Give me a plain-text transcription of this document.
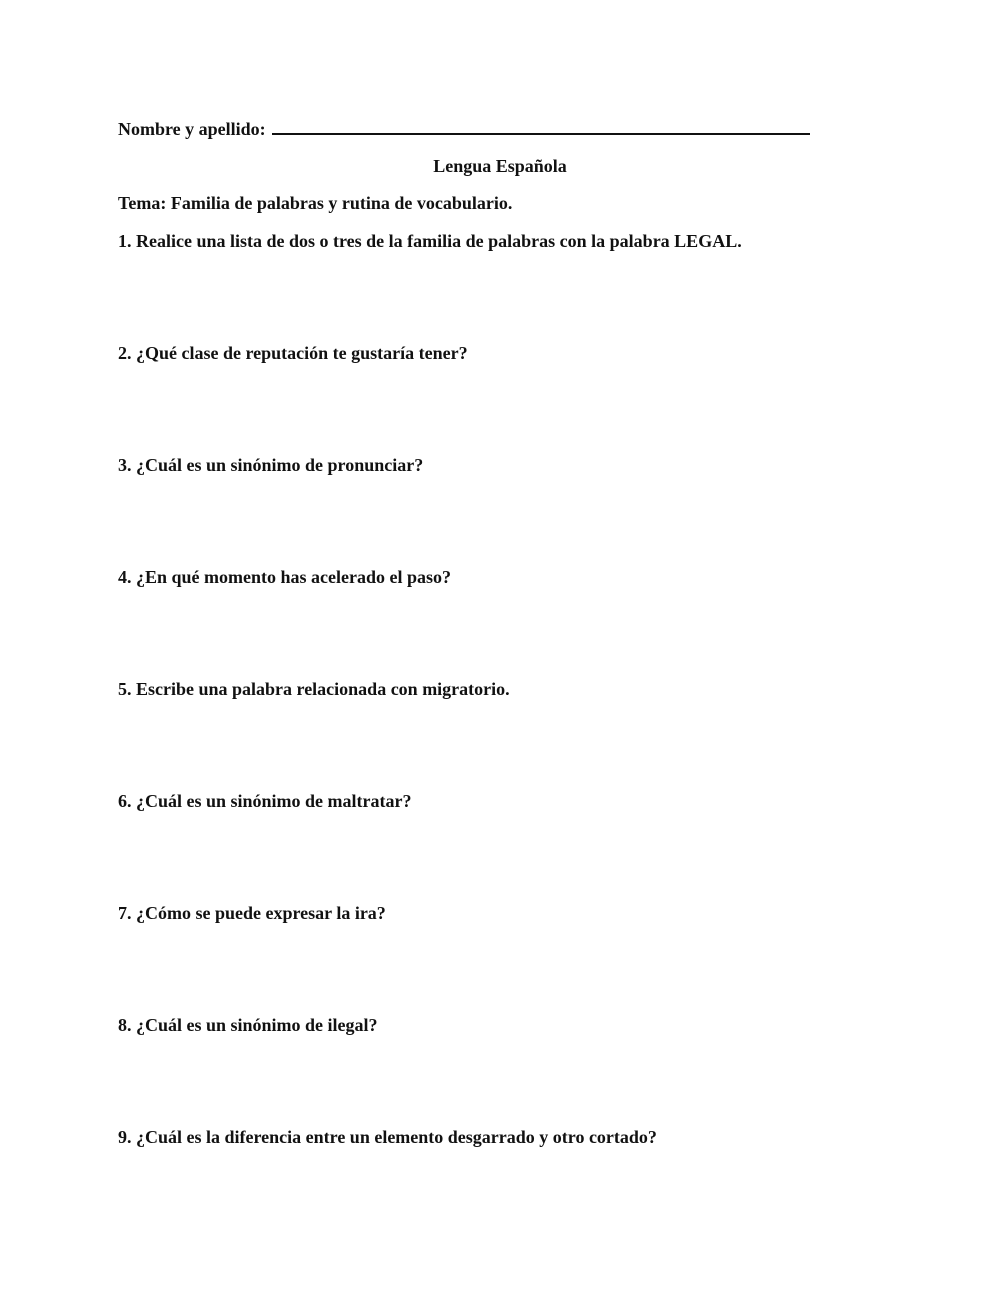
Nombre y apellido:
Lengua Española
Tema: Familia de palabras y rutina de vocabulario.
1. Realice una lista de dos o tres de la familia de palabras con la palabra LEGAL.
2. ¿Qué clase de reputación te gustaría tener?
3. ¿Cuál es un sinónimo de pronunciar?
4. ¿En qué momento has acelerado el paso?
5. Escribe una palabra relacionada con migratorio.
6. ¿Cuál es un sinónimo de maltratar?
7. ¿Cómo se puede expresar la ira?
8. ¿Cuál es un sinónimo de ilegal?
9. ¿Cuál es la diferencia entre un elemento desgarrado y otro cortado?
